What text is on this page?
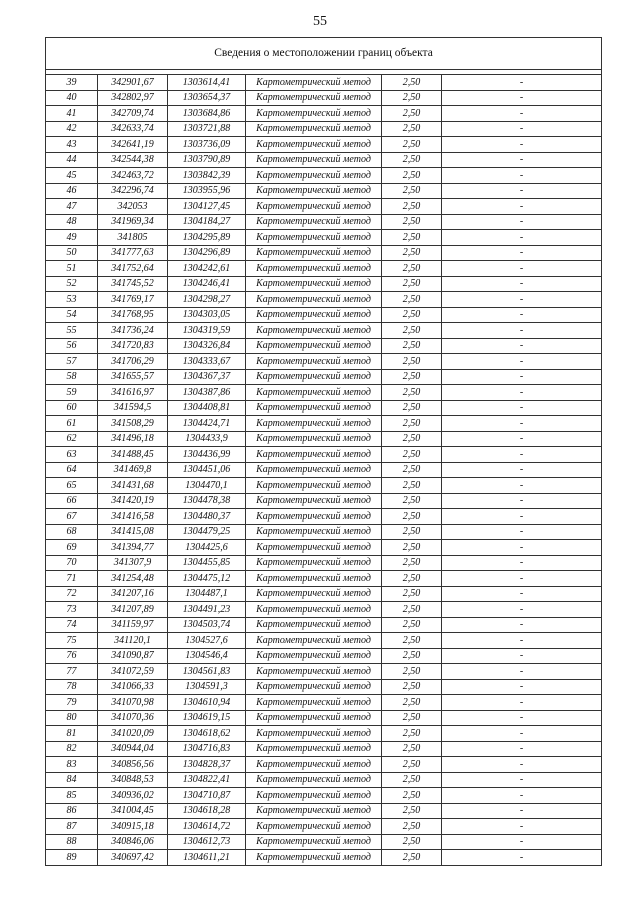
55
Сведения о местоположении границ объекта					

39	342901,67	1303614,41	Картометрический метод	2,50	-
40	342802,97	1303654,37	Картометрический метод	2,50	-
41	342709,74	1303684,86	Картометрический метод	2,50	-
42	342633,74	1303721,88	Картометрический метод	2,50	-
43	342641,19	1303736,09	Картометрический метод	2,50	-
44	342544,38	1303790,89	Картометрический метод	2,50	-
45	342463,72	1303842,39	Картометрический метод	2,50	-
46	342296,74	1303955,96	Картометрический метод	2,50	-
47	342053	1304127,45	Картометрический метод	2,50	-
48	341969,34	1304184,27	Картометрический метод	2,50	-
49	341805	1304295,89	Картометрический метод	2,50	-
50	341777,63	1304296,89	Картометрический метод	2,50	-
51	341752,64	1304242,61	Картометрический метод	2,50	-
52	341745,52	1304246,41	Картометрический метод	2,50	-
53	341769,17	1304298,27	Картометрический метод	2,50	-
54	341768,95	1304303,05	Картометрический метод	2,50	-
55	341736,24	1304319,59	Картометрический метод	2,50	-
56	341720,83	1304326,84	Картометрический метод	2,50	-
57	341706,29	1304333,67	Картометрический метод	2,50	-
58	341655,57	1304367,37	Картометрический метод	2,50	-
59	341616,97	1304387,86	Картометрический метод	2,50	-
60	341594,5	1304408,81	Картометрический метод	2,50	-
61	341508,29	1304424,71	Картометрический метод	2,50	-
62	341496,18	1304433,9	Картометрический метод	2,50	-
63	341488,45	1304436,99	Картометрический метод	2,50	-
64	341469,8	1304451,06	Картометрический метод	2,50	-
65	341431,68	1304470,1	Картометрический метод	2,50	-
66	341420,19	1304478,38	Картометрический метод	2,50	-
67	341416,58	1304480,37	Картометрический метод	2,50	-
68	341415,08	1304479,25	Картометрический метод	2,50	-
69	341394,77	1304425,6	Картометрический метод	2,50	-
70	341307,9	1304455,85	Картометрический метод	2,50	-
71	341254,48	1304475,12	Картометрический метод	2,50	-
72	341207,16	1304487,1	Картометрический метод	2,50	-
73	341207,89	1304491,23	Картометрический метод	2,50	-
74	341159,97	1304503,74	Картометрический метод	2,50	-
75	341120,1	1304527,6	Картометрический метод	2,50	-
76	341090,87	1304546,4	Картометрический метод	2,50	-
77	341072,59	1304561,83	Картометрический метод	2,50	-
78	341066,33	1304591,3	Картометрический метод	2,50	-
79	341070,98	1304610,94	Картометрический метод	2,50	-
80	341070,36	1304619,15	Картометрический метод	2,50	-
81	341020,09	1304618,62	Картометрический метод	2,50	-
82	340944,04	1304716,83	Картометрический метод	2,50	-
83	340856,56	1304828,37	Картометрический метод	2,50	-
84	340848,53	1304822,41	Картометрический метод	2,50	-
85	340936,02	1304710,87	Картометрический метод	2,50	-
86	341004,45	1304618,28	Картометрический метод	2,50	-
87	340915,18	1304614,72	Картометрический метод	2,50	-
88	340846,06	1304612,73	Картометрический метод	2,50	-
89	340697,42	1304611,21	Картометрический метод	2,50	-
